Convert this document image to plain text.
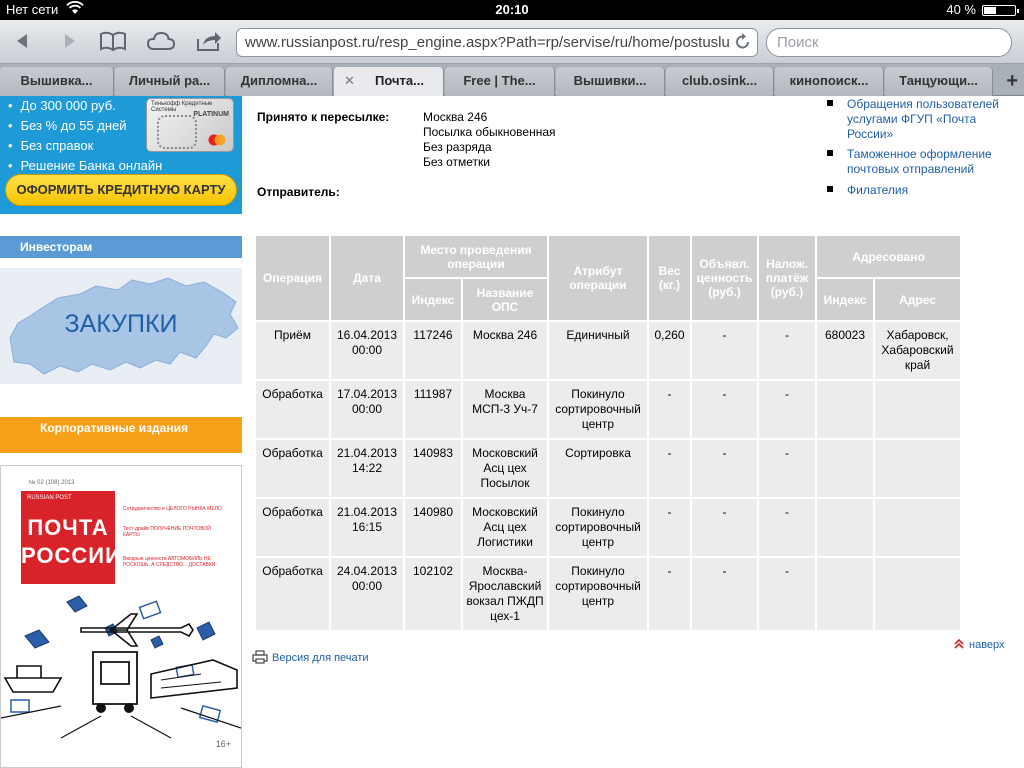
Нет сети	20:10	40 %
www.russianpost.ru/resp_engine.aspx?Path=rp/servise/ru/home/postuslu	Поиск
Вышивка...	Личный ра...	Дипломна...	✕ Почта...	Free | The...	Вышивки...	club.osink...	кинопоиск...	Танцующи...	+
• До 300 000 руб.
• Без % до 55 дней
• Без справок
• Решение Банка онлайн
Тинькофф Кредитные Системы
PLATINUM
ОФОРМИТЬ КРЕДИТНУЮ КАРТУ
Инвесторам
ЗАКУПКИ
Корпоративные издания
№ 02 (108) 2013
RUSSIAN POST
ПОЧТА
РОССИИ
Сотрудничество и ЦЕЛОГО РЫНКА МЕЛО
Тест-драйв ПОЛУЧЕНИЕ ПОЧТОВОЙ КАРТЫ
Вводные ценности АВТОМОБИЛЬ НЕ РОСКОШЬ, А СРЕДСТВО... ДОСТАВКИ
16+
Принято к пересылке:	Москва 246
Посылка обыкновенная
Без разряда
Без отметки
Отправитель:
Обращения пользователей услугами ФГУП «Почта России»
Таможенное оформление почтовых отправлений
Филателия
Операция	Дата	Место проведения операции		Атрибут операции	Вес (кг.)	Объявл. ценность (руб.)	Налож. платёж (руб.)	Адресовано	
		Индекс	Название ОПС					Индекс	Адрес
Приём	16.04.2013 00:00	117246	Москва 246	Единичный	0,260	-	-	680023	Хабаровск, Хабаровский край
Обработка	17.04.2013 00:00	111987	Москва МСП-3 Уч-7	Покинуло сортировочный центр	-	-	-		
Обработка	21.04.2013 14:22	140983	Московский Асц цех Посылок	Сортировка	-	-	-		
Обработка	21.04.2013 16:15	140980	Московский Асц цех Логистики	Покинуло сортировочный центр	-	-	-		
Обработка	24.04.2013 00:00	102102	Москва-Ярославский вокзал ПЖДП цех-1	Покинуло сортировочный центр	-	-	-		
Версия для печати
наверх
